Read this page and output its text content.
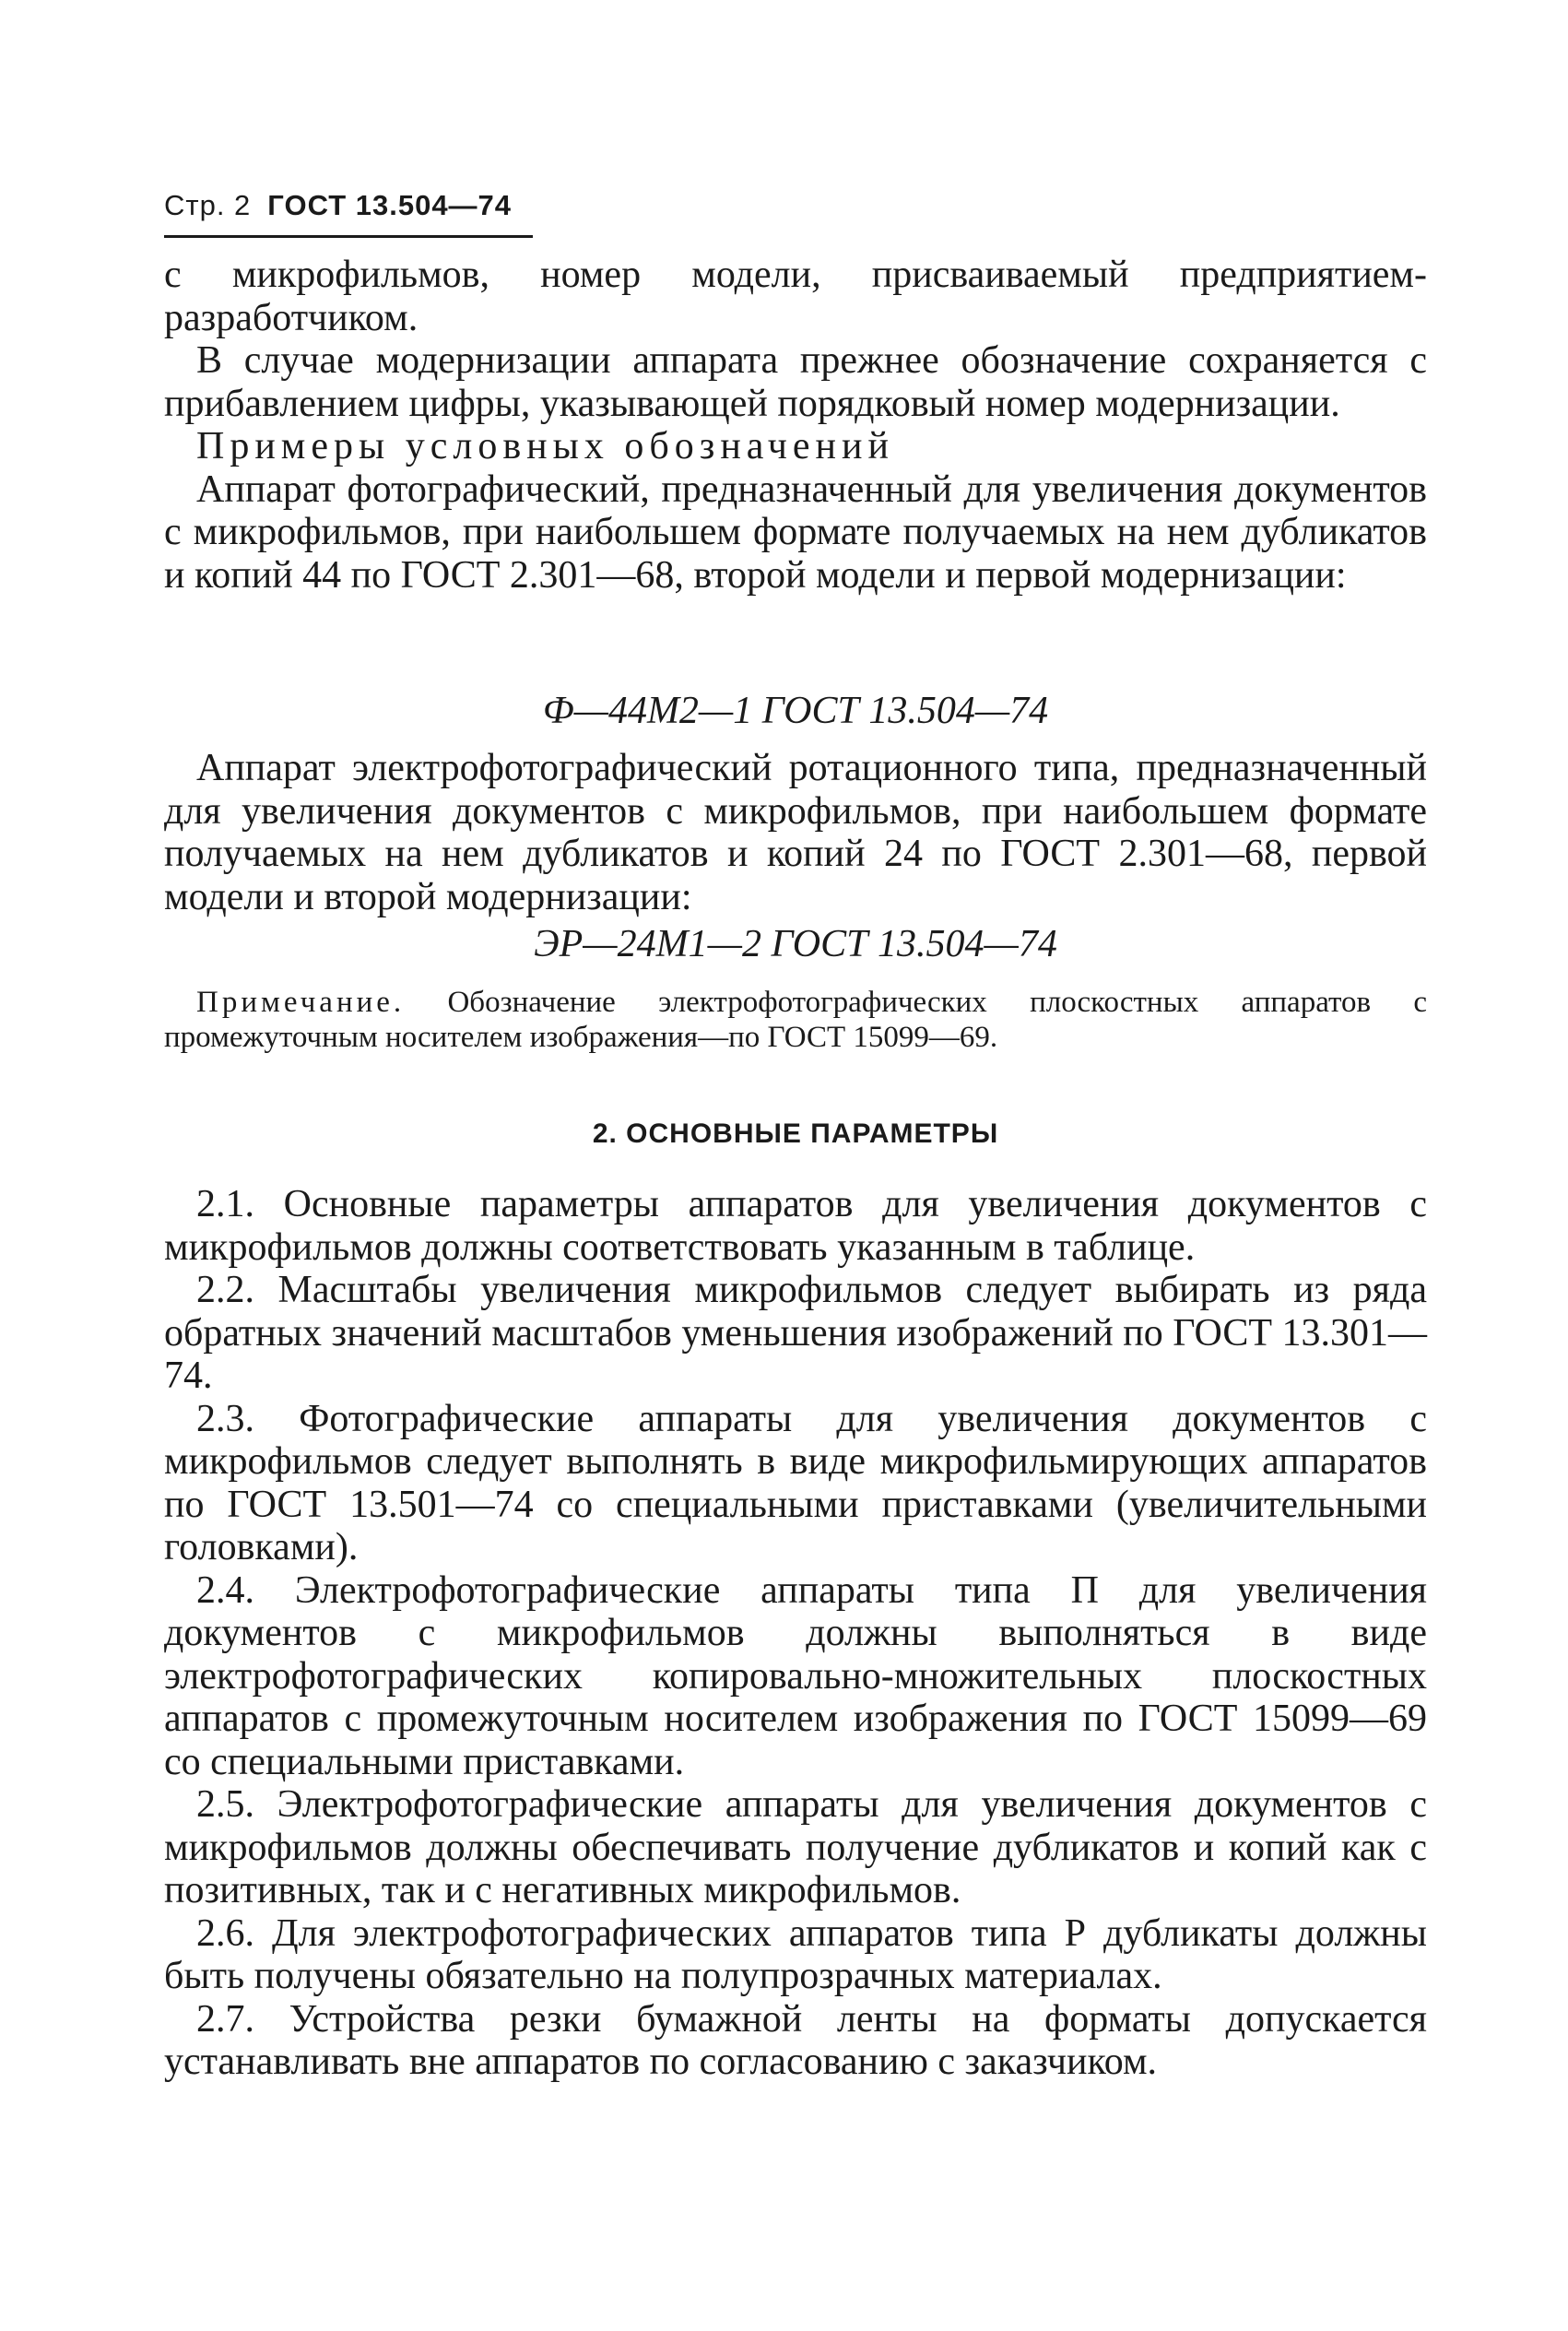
Стр. 2 ГОСТ 13.504—74

с микрофильмов, номер модели, присваиваемый предприятием-разработчиком.

В случае модернизации аппарата прежнее обозначение сохраняется с прибавлением цифры, указывающей порядковый номер модернизации.

Примеры условных обозначений

Аппарат фотографический, предназначенный для увеличения документов с микрофильмов, при наибольшем формате получаемых на нем дубликатов и копий 44 по ГОСТ 2.301—68, второй модели и первой модернизации:

Ф—44М2—1 ГОСТ 13.504—74

Аппарат электрофотографический ротационного типа, предназначенный для увеличения документов с микрофильмов, при наибольшем формате получаемых на нем дубликатов и копий 24 по ГОСТ 2.301—68, первой модели и второй модернизации:

ЭР—24М1—2 ГОСТ 13.504—74

Примечание. Обозначение электрофотографических плоскостных аппаратов с промежуточным носителем изображения—по ГОСТ 15099—69.

2. ОСНОВНЫЕ ПАРАМЕТРЫ

2.1. Основные параметры аппаратов для увеличения документов с микрофильмов должны соответствовать указанным в таблице.

2.2. Масштабы увеличения микрофильмов следует выбирать из ряда обратных значений масштабов уменьшения изображений по ГОСТ 13.301—74.

2.3. Фотографические аппараты для увеличения документов с микрофильмов следует выполнять в виде микрофильмирующих аппаратов по ГОСТ 13.501—74 со специальными приставками (увеличительными головками).

2.4. Электрофотографические аппараты типа П для увеличения документов с микрофильмов должны выполняться в виде электрофотографических копировально-множительных плоскостных аппаратов с промежуточным носителем изображения по ГОСТ 15099—69 со специальными приставками.

2.5. Электрофотографические аппараты для увеличения документов с микрофильмов должны обеспечивать получение дубликатов и копий как с позитивных, так и с негативных микрофильмов.

2.6. Для электрофотографических аппаратов типа Р дубликаты должны быть получены обязательно на полупрозрачных материалах.

2.7. Устройства резки бумажной ленты на форматы допускается устанавливать вне аппаратов по согласованию с заказчиком.
